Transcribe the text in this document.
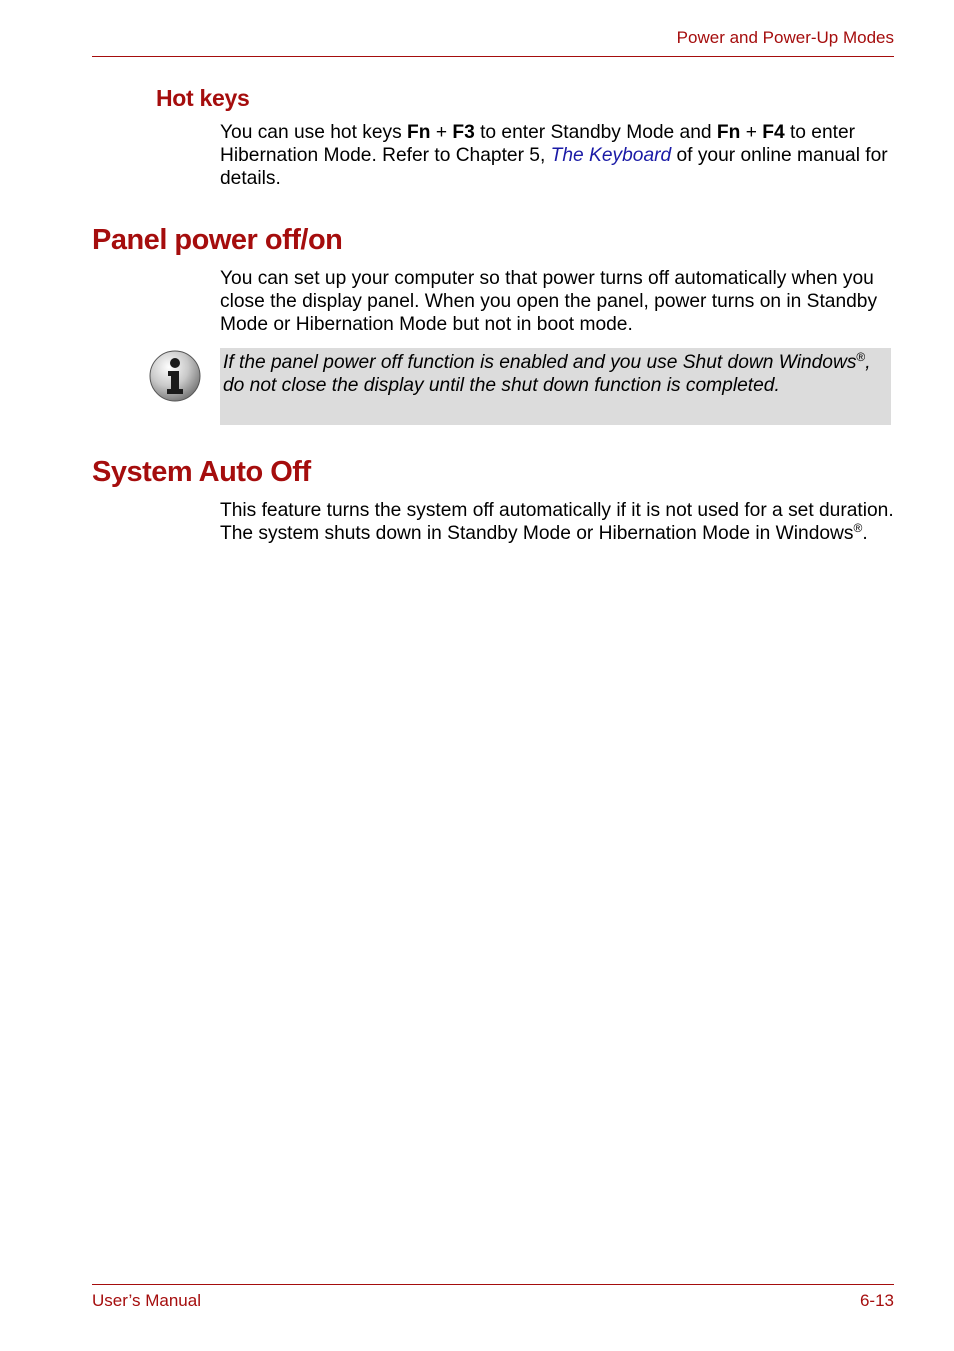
Power and Power-Up Modes
Hot keys

You can use hot keys Fn + F3 to enter Standby Mode and Fn + F4 to enter Hibernation Mode. Refer to Chapter 5, The Keyboard of your online manual for details.

Panel power off/on

You can set up your computer so that power turns off automatically when you close the display panel. When you open the panel, power turns on in Standby Mode or Hibernation Mode but not in boot mode.

If the panel power off function is enabled and you use Shut down Windows®, do not close the display until the shut down function is completed.
System Auto Off

This feature turns the system off automatically if it is not used for a set duration. The system shuts down in Standby Mode or Hibernation Mode in Windows®.

User’s Manual	6-13
